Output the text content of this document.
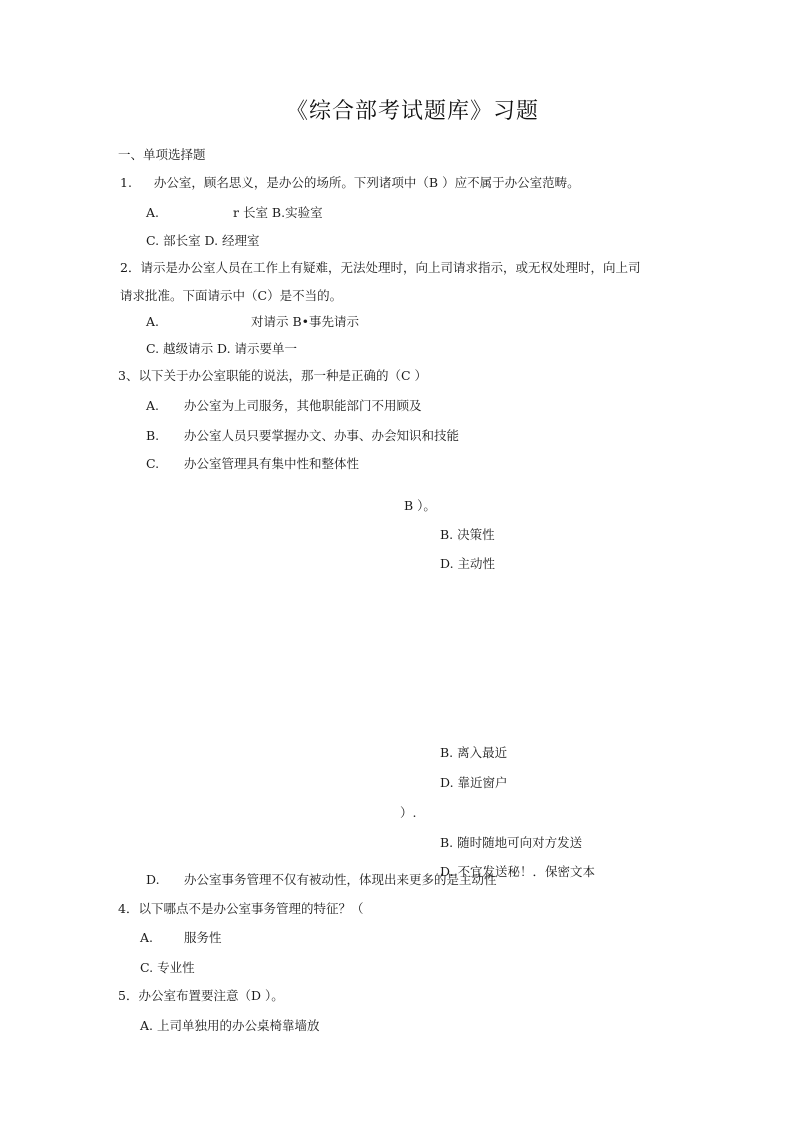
《综合部考试题库》习题
一、单项选择题
1. 办公室，顾名思义，是办公的场所。下列诸项中（B ）应不属于办公室范畴。
A.	r 长室 B.实验室
C. 部长室 D. 经理室
2．请示是办公室人员在工作上有疑难，无法处理时，向上司请求指示，或无权处理时，向上司
请求批准。下面请示中（C）是不当的。
A.	对请示 B•事先请示
C. 越级请示 D. 请示要单一
3、以下关于办公室职能的说法，那一种是正确的（C ）
A. 办公室为上司服务，其他职能部门不用顾及
B. 办公室人员只要掌握办文、办事、办会知识和技能
C. 办公室管理具有集中性和整体性
B ）。
B. 决策性
D. 主动性
B. 离入最近
D. 靠近窗户
）.
B. 随时随地可向对方发送
D. 不宜发送秘！．保密文本
D. 办公室事务管理不仅有被动性，体现出来更多的是主动性
4．以下哪点不是办公室事务管理的特征？（
A. 服务性
C. 专业性
5．办公室布置要注意（D ）。
A. 上司单独用的办公桌椅靠墙放
